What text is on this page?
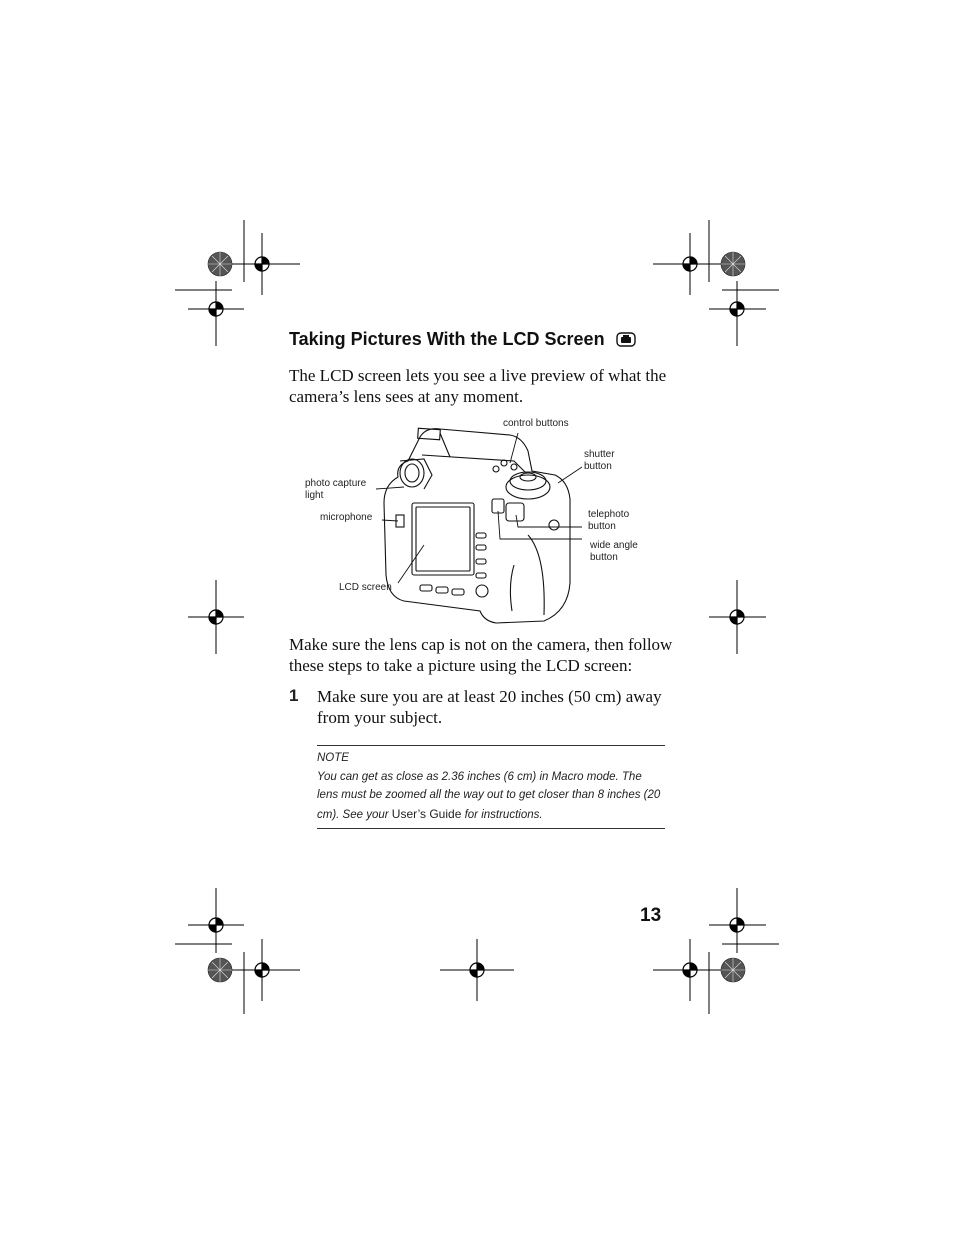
Taking Pictures With the LCD Screen
The LCD screen lets you see a live preview of what the camera’s lens sees at any moment.
control buttons
shutter
button
photo capture
light
microphone	telephoto
button
wide angle
button
LCD screen
Make sure the lens cap is not on the camera, then follow these steps to take a picture using the LCD screen:
1 Make sure you are at least 20 inches (50 cm) away from your subject.
NOTE
You can get as close as 2.36 inches (6 cm) in Macro mode. The lens must be zoomed all the way out to get closer than 8 inches (20 cm). See your User’s Guide for instructions.
13
